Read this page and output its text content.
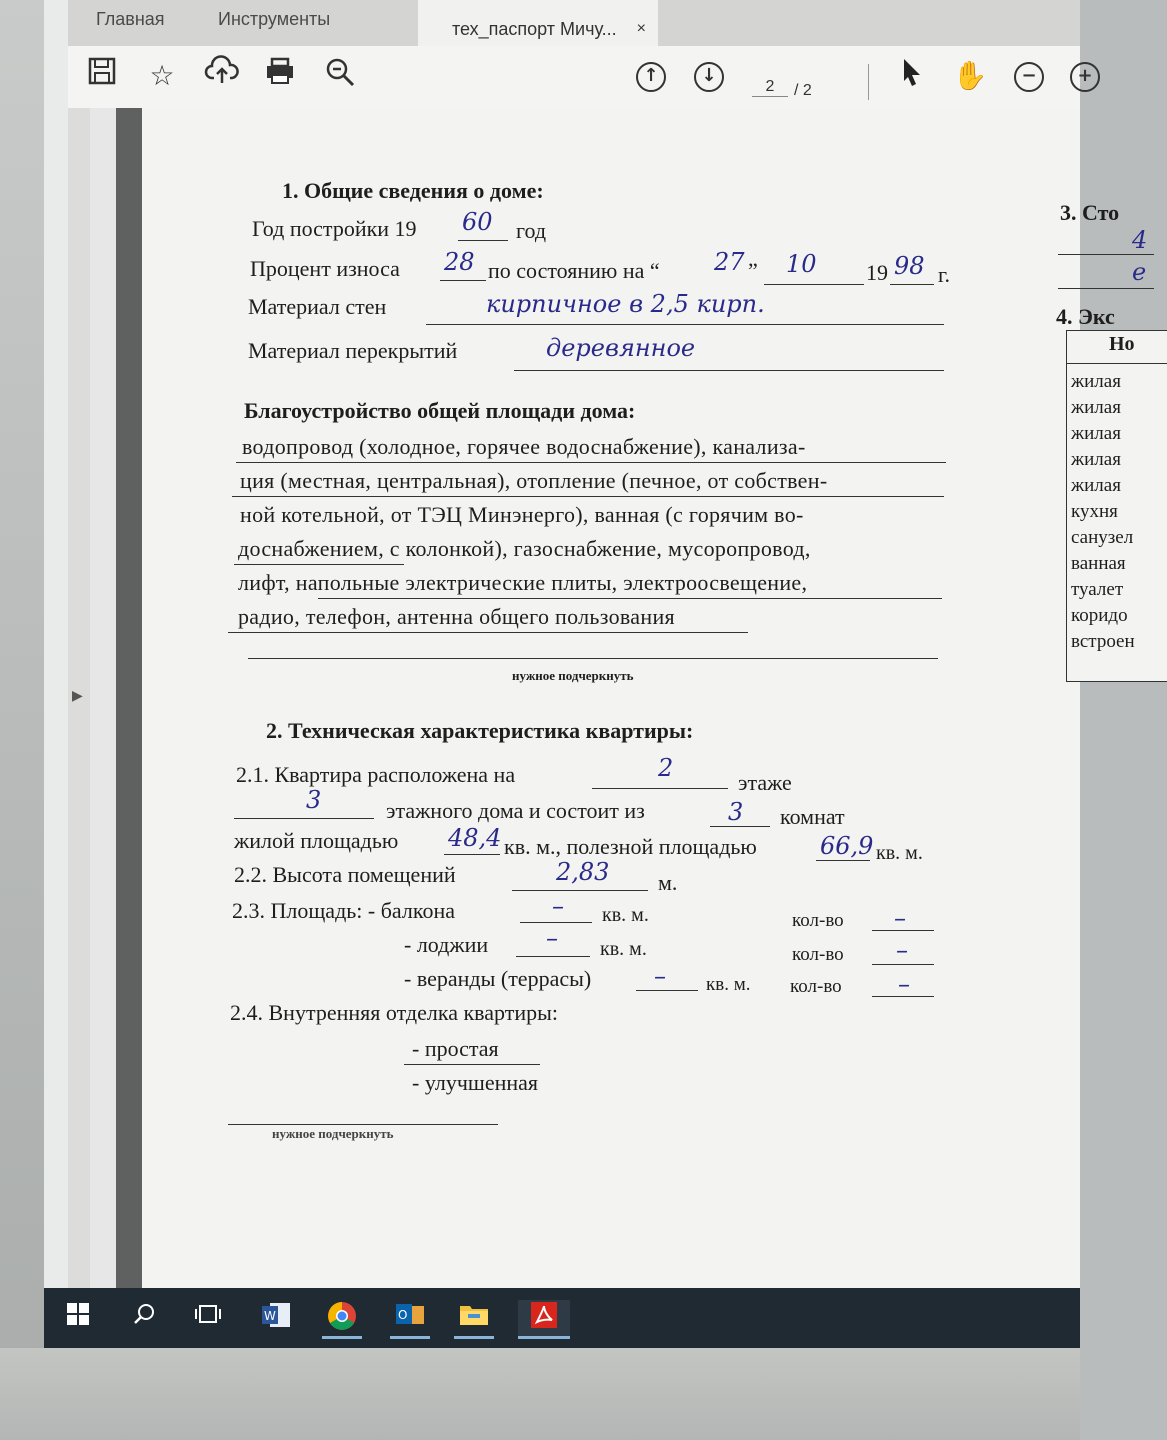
Главная	Инструменты	тех_паспорт Мичу... ×
☆	↑	↓
2	/ 2	✋	−	+
▶
1. Общие сведения о доме:
Год постройки 19 60 год
Процент износа 28 по состоянию на “ 27 ” 10 19 98 г.
Материал стен	кирпичное в 2,5 кирп.
Материал перекрытий	деревянное
Благоустройство общей площади дома:
водопровод (холодное, горячее водоснабжение), канализа-
ция (местная, центральная), отопление (печное, от собствен-
ной котельной, от ТЭЦ Минэнерго), ванная (с горячим во-
доснабжением, с колонкой), газоснабжение, мусоропровод,
лифт, напольные электрические плиты, электроосвещение,
радио, телефон, антенна общего пользования
нужное подчеркнуть
2. Техническая характеристика квартиры:
2.1. Квартира расположена на	2
этаже
3	этажного дома и состоит из	3 комнат
жилой площадью 48,4 кв. м., полезной площадью	66,9 кв. м.
2.2. Высота помещений	2,83 м.
2.3. Площадь: - балкона	– кв. м.	кол-во –
- лоджии – кв. м.	кол-во –
- веранды (террасы)	– кв. м. кол-во –
2.4. Внутренняя отделка квартиры:
- простая
- улучшенная
нужное подчеркнуть
3. Сто
4
е
4. Экс
Но
жилая
жилая
жилая
жилая
жилая
кухня
санузел
ванная
туалет
коридо
встроен
W	O
